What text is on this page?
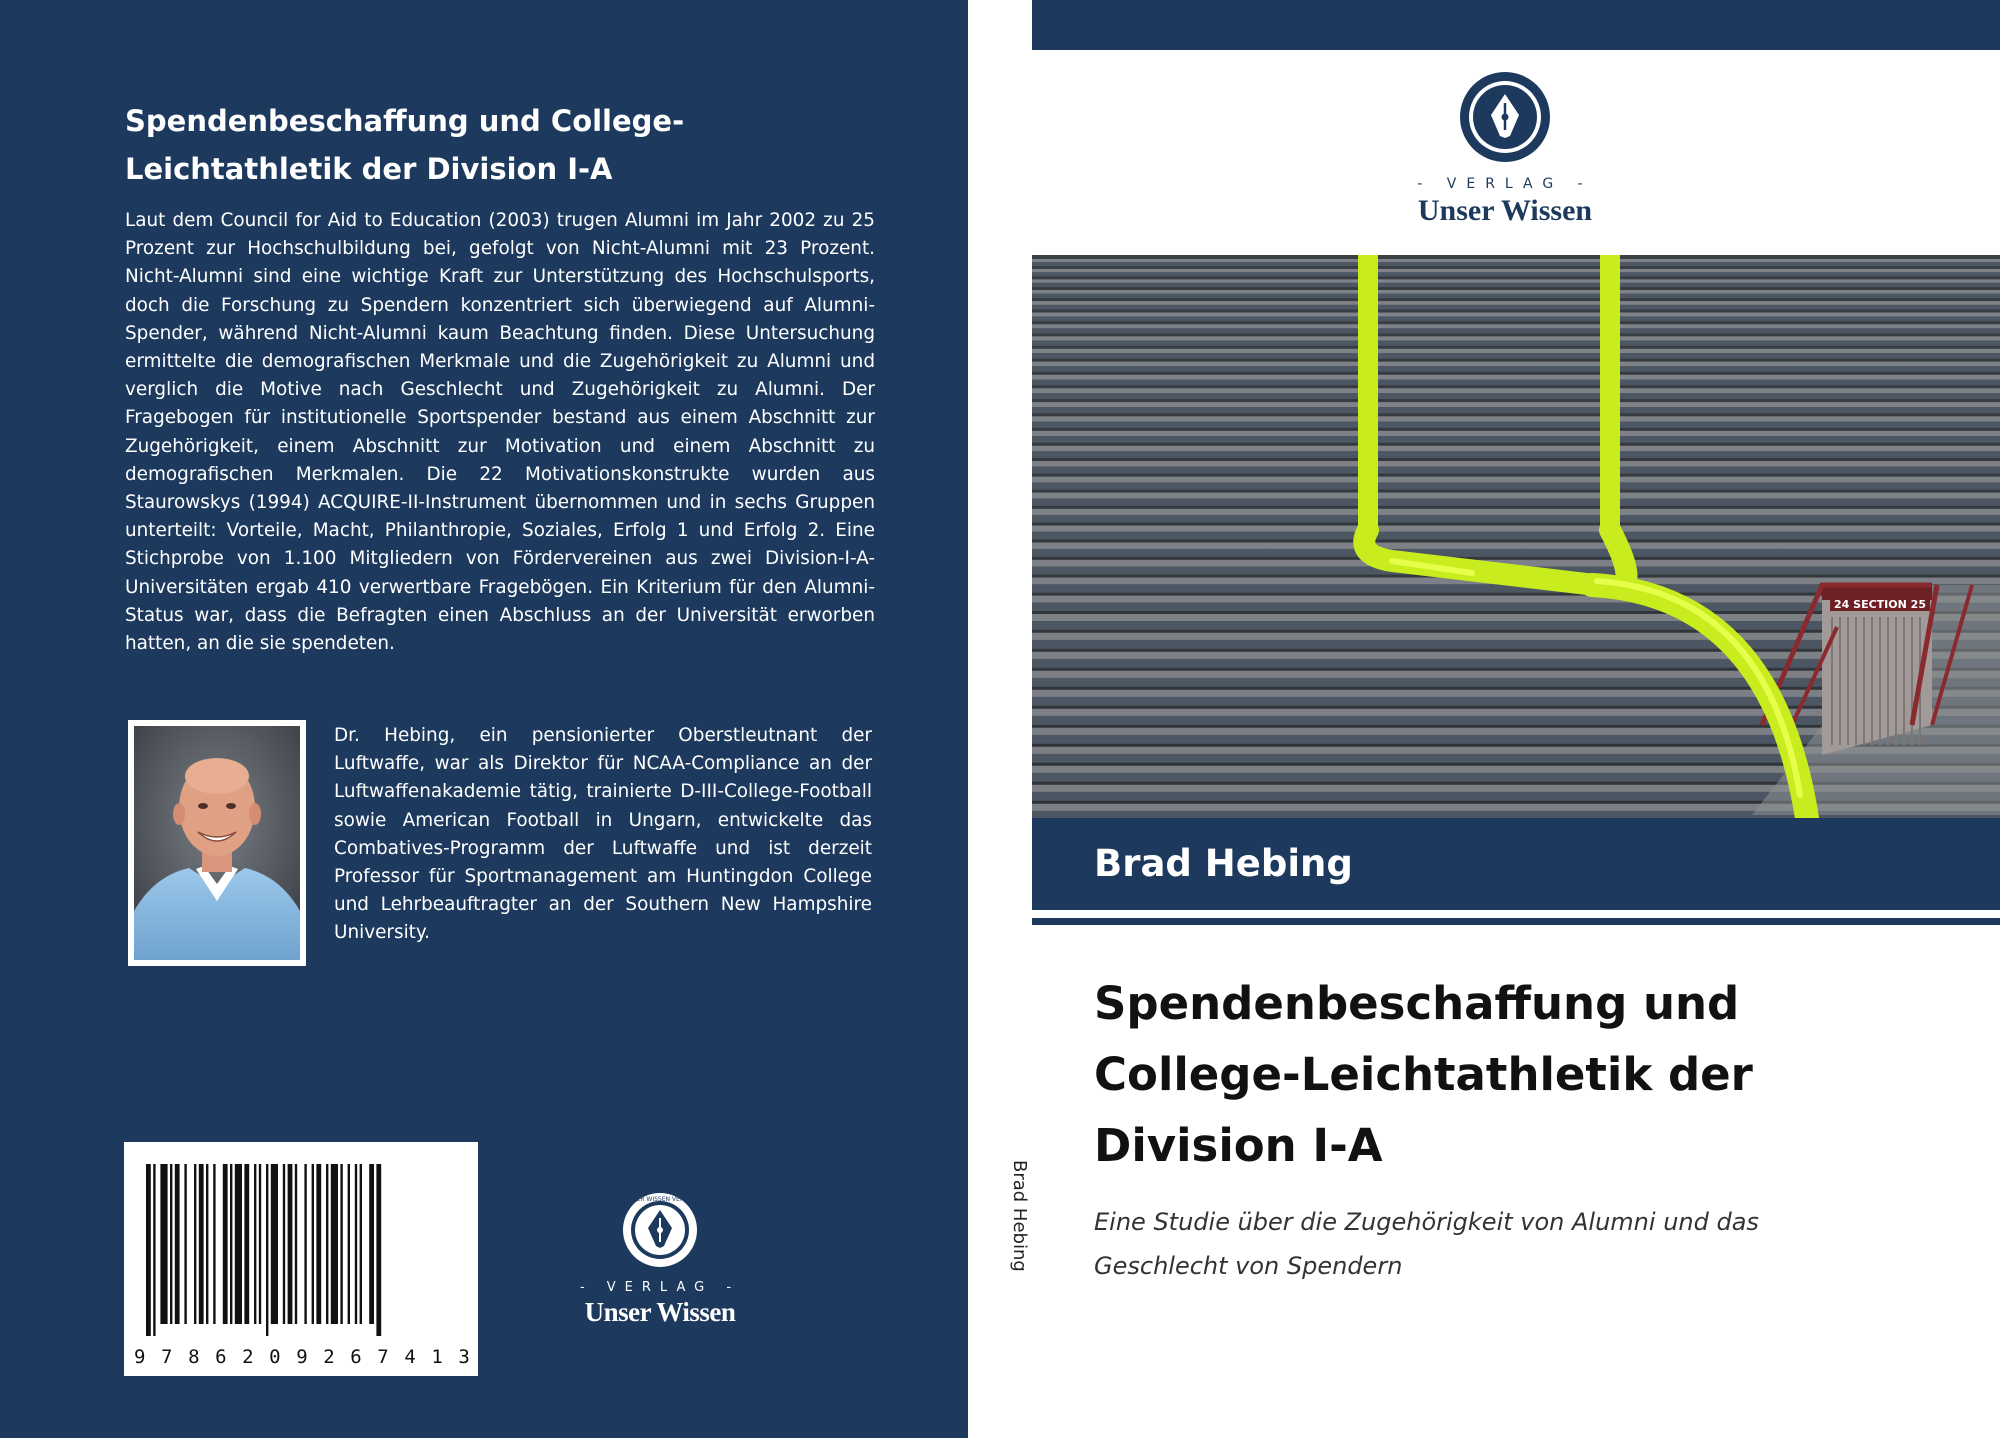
Spendenbeschaffung und College-
Leichtathletik der Division I-A

Laut dem Council for Aid to Education (2003) trugen Alumni im Jahr 2002 zu 25 Prozent zur Hochschulbildung bei, gefolgt von Nicht-Alumni mit 23 Prozent. Nicht-Alumni sind eine wichtige Kraft zur Unterstützung des Hochschulsports, doch die Forschung zu Spendern konzentriert sich überwiegend auf Alumni-Spender, während Nicht-Alumni kaum Beachtung finden. Diese Untersuchung ermittelte die demografischen Merkmale und die Zugehörigkeit zu Alumni und verglich die Motive nach Geschlecht und Zugehörigkeit zu Alumni. Der Fragebogen für institutionelle Sportspender bestand aus einem Abschnitt zur Zugehörigkeit, einem Abschnitt zur Motivation und einem Abschnitt zu demografischen Merkmalen. Die 22 Motivationskonstrukte wurden aus Staurowskys (1994) ACQUIRE-II-Instrument übernommen und in sechs Gruppen unterteilt: Vorteile, Macht, Philanthropie, Soziales, Erfolg 1 und Erfolg 2. Eine Stichprobe von 1.100 Mitgliedern von Fördervereinen aus zwei Division-I-A-Universitäten ergab 410 verwertbare Fragebögen. Ein Kriterium für den Alumni-Status war, dass die Befragten einen Abschluss an der Universität erworben hatten, an die sie spendeten.

Dr. Hebing, ein pensionierter Oberstleutnant der Luftwaffe, war als Direktor für NCAA-Compliance an der Luftwaffenakademie tätig, trainierte D-III-College-Football sowie American Football in Ungarn, entwickelte das Combatives-Programm der Luftwaffe und ist derzeit Professor für Sportmanagement am Huntingdon College und Lehrbeauftragter an der Southern New Hampshire University.

9 7 8 6 2 0 9 2 6 7 4 1 3
UNSER WISSEN VERLAG
- VERLAG -
Unser Wissen
Brad Hebing
- VERLAG -
Unser Wissen
24 SECTION 25
Brad Hebing
Spendenbeschaffung und
College-Leichtathletik der
Division I-A
Eine Studie über die Zugehörigkeit von Alumni und das
Geschlecht von Spendern
